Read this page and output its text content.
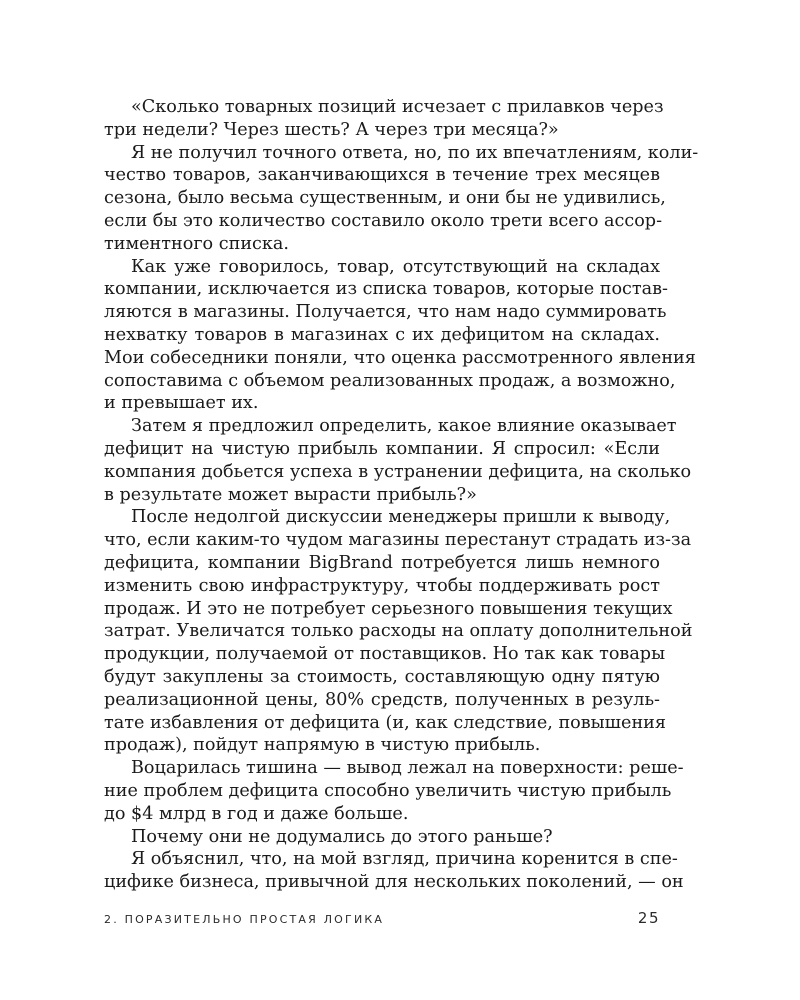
«Сколько товарных позиций исчезает с прилавков через
три недели? Через шесть? А через три месяца?»
Я не получил точного ответа, но, по их впечатлениям, коли-
чество товаров, заканчивающихся в течение трех месяцев
сезона, было весьма существенным, и они бы не удивились,
если бы это количество составило около трети всего ассор-
тиментного списка.
Как уже говорилось, товар, отсутствующий на складах
компании, исключается из списка товаров, которые постав-
ляются в магазины. Получается, что нам надо суммировать
нехватку товаров в магазинах с их дефицитом на складах.
Мои собеседники поняли, что оценка рассмотренного явления
сопоставима с объемом реализованных продаж, а возможно,
и превышает их.
Затем я предложил определить, какое влияние оказывает
дефицит на чистую прибыль компании. Я спросил: «Если
компания добьется успеха в устранении дефицита, на сколько
в результате может вырасти прибыль?»
После недолгой дискуссии менеджеры пришли к выводу,
что, если каким-то чудом магазины перестанут страдать из-за
дефицита, компании BigBrand потребуется лишь немного
изменить свою инфраструктуру, чтобы поддерживать рост
продаж. И это не потребует серьезного повышения текущих
затрат. Увеличатся только расходы на оплату дополнительной
продукции, получаемой от поставщиков. Но так как товары
будут закуплены за стоимость, составляющую одну пятую
реализационной цены, 80% средств, полученных в резуль-
тате избавления от дефицита (и, как следствие, повышения
продаж), пойдут напрямую в чистую прибыль.
Воцарилась тишина — вывод лежал на поверхности: реше-
ние проблем дефицита способно увеличить чистую прибыль
до $4 млрд в год и даже больше.
Почему они не додумались до этого раньше?
Я объяснил, что, на мой взгляд, причина коренится в спе-
цифике бизнеса, привычной для нескольких поколений, — он
2. ПОРАЗИТЕЛЬНО ПРОСТАЯ ЛОГИКА	25
